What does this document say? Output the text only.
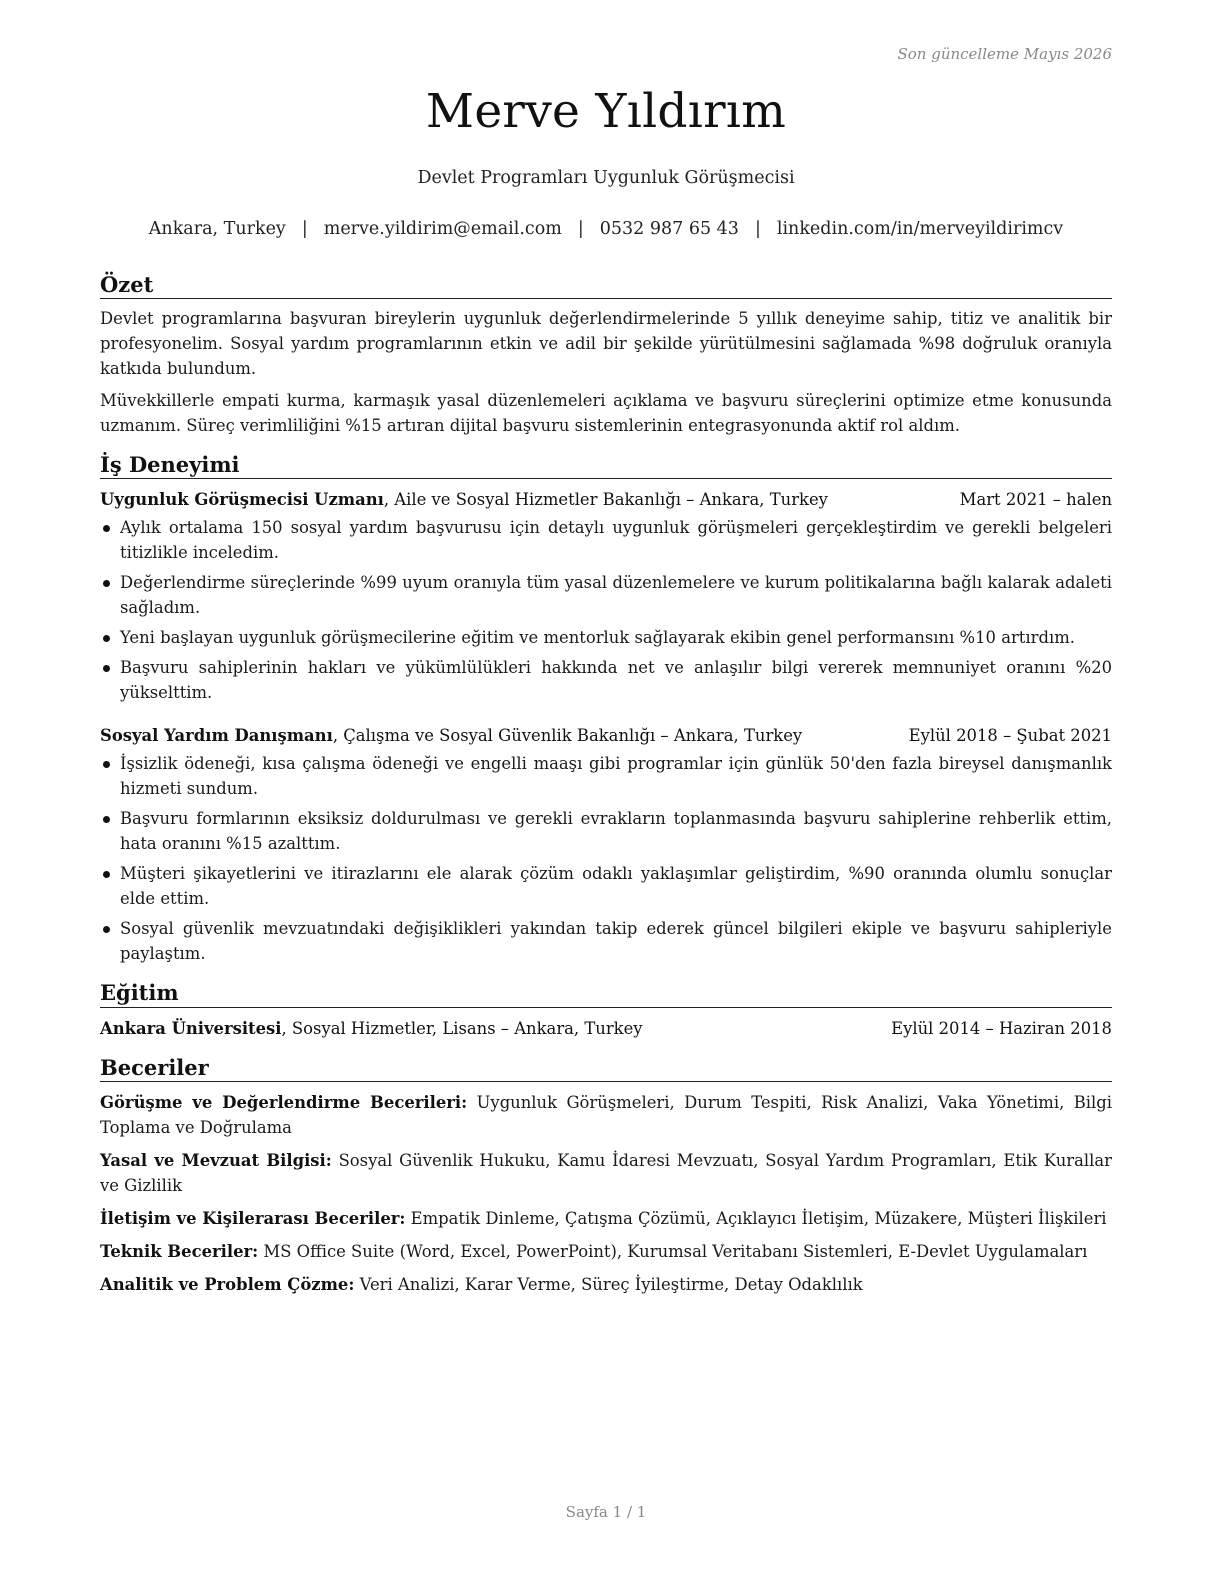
Son güncelleme Mayıs 2026

Merve Yıldırım

Devlet Programları Uygunluk Görüşmecisi

Ankara, Turkey | merve.yildirim@email.com | 0532 987 65 43 | linkedin.com/in/merveyildirimcv

Özet

Devlet programlarına başvuran bireylerin uygunluk değerlendirmelerinde 5 yıllık deneyime sahip, titiz ve analitik bir profesyonelim. Sosyal yardım programlarının etkin ve adil bir şekilde yürütülmesini sağlamada %98 doğruluk oranıyla katkıda bulundum.

Müvekkillerle empati kurma, karmaşık yasal düzenlemeleri açıklama ve başvuru süreçlerini optimize etme konusunda uzmanım. Süreç verimliliğini %15 artıran dijital başvuru sistemlerinin entegrasyonunda aktif rol aldım.

İş Deneyimi
Uygunluk Görüşmecisi Uzmanı, Aile ve Sosyal Hizmetler Bakanlığı – Ankara, Turkey	Mart 2021 – halen
Aylık ortalama 150 sosyal yardım başvurusu için detaylı uygunluk görüşmeleri gerçekleştirdim ve gerekli belgeleri titizlikle inceledim.
Değerlendirme süreçlerinde %99 uyum oranıyla tüm yasal düzenlemelere ve kurum politikalarına bağlı kalarak adaleti sağladım.
Yeni başlayan uygunluk görüşmecilerine eğitim ve mentorluk sağlayarak ekibin genel performansını %10 artırdım.
Başvuru sahiplerinin hakları ve yükümlülükleri hakkında net ve anlaşılır bilgi vererek memnuniyet oranını %20 yükselttim.
Sosyal Yardım Danışmanı, Çalışma ve Sosyal Güvenlik Bakanlığı – Ankara, Turkey	Eylül 2018 – Şubat 2021
İşsizlik ödeneği, kısa çalışma ödeneği ve engelli maaşı gibi programlar için günlük 50'den fazla bireysel danışmanlık hizmeti sundum.
Başvuru formlarının eksiksiz doldurulması ve gerekli evrakların toplanmasında başvuru sahiplerine rehberlik ettim, hata oranını %15 azalttım.
Müşteri şikayetlerini ve itirazlarını ele alarak çözüm odaklı yaklaşımlar geliştirdim, %90 oranında olumlu sonuçlar elde ettim.
Sosyal güvenlik mevzuatındaki değişiklikleri yakından takip ederek güncel bilgileri ekiple ve başvuru sahipleriyle paylaştım.
Eğitim
Ankara Üniversitesi, Sosyal Hizmetler, Lisans – Ankara, Turkey	Eylül 2014 – Haziran 2018
Beceriler

Görüşme ve Değerlendirme Becerileri: Uygunluk Görüşmeleri, Durum Tespiti, Risk Analizi, Vaka Yönetimi, Bilgi Toplama ve Doğrulama

Yasal ve Mevzuat Bilgisi: Sosyal Güvenlik Hukuku, Kamu İdaresi Mevzuatı, Sosyal Yardım Programları, Etik Kurallar ve Gizlilik

İletişim ve Kişilerarası Beceriler: Empatik Dinleme, Çatışma Çözümü, Açıklayıcı İletişim, Müzakere, Müşteri İlişkileri

Teknik Beceriler: MS Office Suite (Word, Excel, PowerPoint), Kurumsal Veritabanı Sistemleri, E-Devlet Uygulamaları

Analitik ve Problem Çözme: Veri Analizi, Karar Verme, Süreç İyileştirme, Detay Odaklılık

Sayfa 1 / 1
